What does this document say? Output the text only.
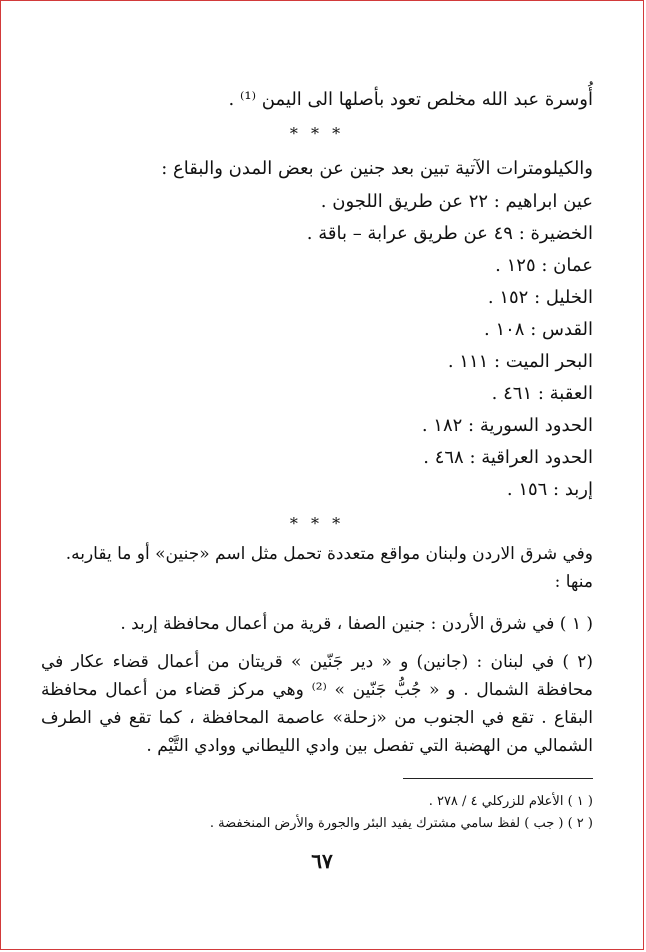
أُوسرة عبد الله مخلص تعود بأصلها الى اليمن ⁽¹⁾ .
* * *
والكيلومترات الآتية تبين بعد جنين عن بعض المدن والبقاع :
عين ابراهيم : ٢٢ عن طريق اللجون .
الخضيرة : ٤٩ عن طريق عرابة – باقة .
عمان : ١٢٥ .
الخليل : ١٥٢ .
القدس : ١٠٨ .
البحر الميت : ١١١ .
العقبة : ٤٦١ .
الحدود السورية : ١٨٢ .
الحدود العراقية : ٤٦٨ .
إربد : ١٥٦ .
* * *
وفي شرق الاردن ولبنان مواقع متعددة تحمل مثل اسم «جنين» أو ما يقاربه. منها :
( ١ ) في شرق الأردن : جنين الصفا ، قرية من أعمال محافظة إربد .
(٢ ) في لبنان : (جانين) و « دير جَنّين » قريتان من أعمال قضاء عكار في محافظة الشمال . و « جُبُّ جَنّين » ⁽²⁾ وهي مركز قضاء من أعمال محافظة البقاع . تقع في الجنوب من «زحلة» عاصمة المحافظة ، كما تقع في الطرف الشمالي من الهضبة التي تفصل بين وادي الليطاني ووادي التَّيْم .
( ١ ) الأعلام للزركلي ٤ / ٢٧٨ .
( ٢ ) ( جب ) لفظ سامي مشترك يفيد البئر والجورة والأرض المنخفضة .
٦٧
